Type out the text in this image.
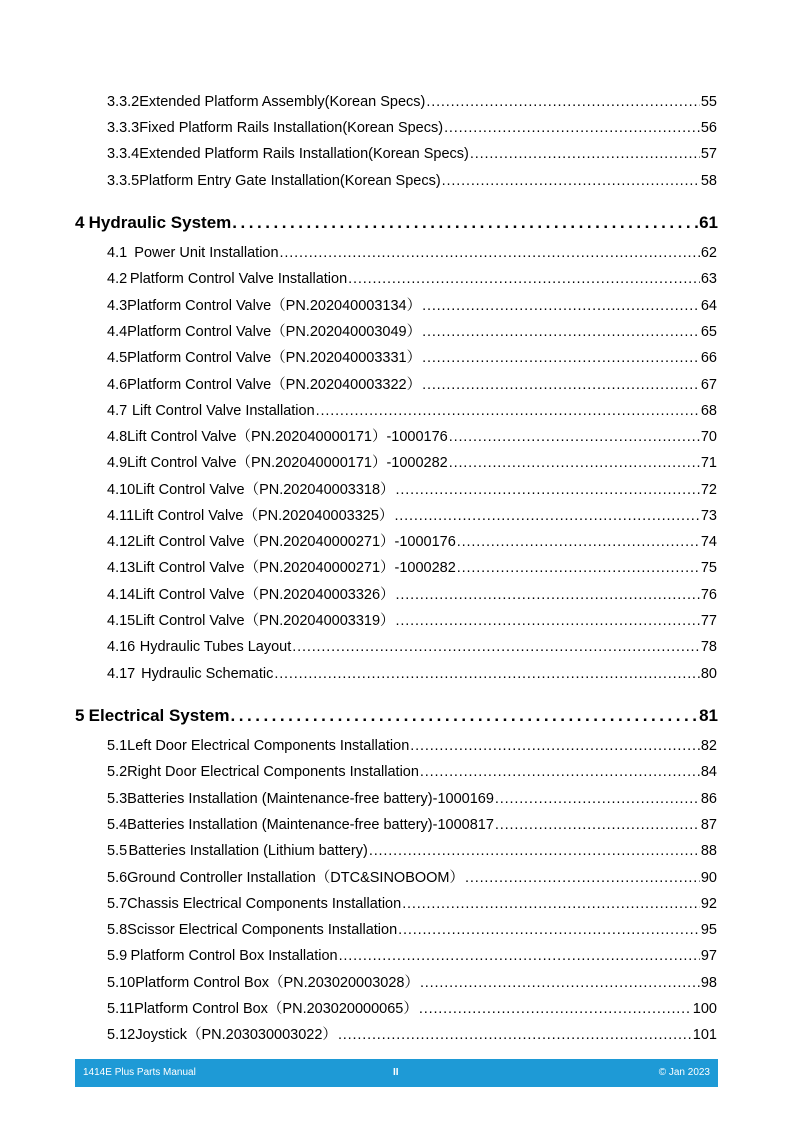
3.3.2 Extended Platform Assembly(Korean Specs) . . .	55
3.3.3 Fixed Platform Rails Installation(Korean Specs) . . .	56
3.3.4 Extended Platform Rails Installation(Korean Specs) . . .	57
3.3.5 Platform Entry Gate Installation(Korean Specs) . . .	58
4 Hydraulic System . . .	61
4.1 Power Unit Installation . . .	62
4.2 Platform Control Valve Installation . . .	63
4.3 Platform Control Valve（PN.202040003134） . . .	64
4.4 Platform Control Valve（PN.202040003049） . . .	65
4.5 Platform Control Valve（PN.202040003331） . . .	66
4.6 Platform Control Valve（PN.202040003322） . . .	67
4.7 Lift Control Valve Installation . . .	68
4.8 Lift Control Valve（PN.202040000171）-1000176 . . .	70
4.9 Lift Control Valve（PN.202040000171）-1000282 . . .	71
4.10 Lift Control Valve（PN.202040003318） . . .	72
4.11 Lift Control Valve（PN.202040003325） . . .	73
4.12 Lift Control Valve（PN.202040000271）-1000176 . . .	74
4.13 Lift Control Valve（PN.202040000271）-1000282 . . .	75
4.14 Lift Control Valve（PN.202040003326） . . .	76
4.15 Lift Control Valve（PN.202040003319） . . .	77
4.16 Hydraulic Tubes Layout . . .	78
4.17 Hydraulic Schematic . . .	80
5 Electrical System . . .	81
5.1 Left Door Electrical Components Installation . . .	82
5.2 Right Door Electrical Components Installation . . .	84
5.3 Batteries Installation (Maintenance-free battery)-1000169 . . .	86
5.4 Batteries Installation (Maintenance-free battery)-1000817 . . .	87
5.5 Batteries Installation (Lithium battery) . . .	88
5.6 Ground Controller Installation（DTC&SINOBOOM） . . .	90
5.7 Chassis Electrical Components Installation . . .	92
5.8 Scissor Electrical Components Installation . . .	95
5.9 Platform Control Box Installation . . .	97
5.10 Platform Control Box（PN.203020003028） . . .	98
5.11 Platform Control Box（PN.203020000065） . . .	100
5.12 Joystick（PN.203030003022） . . .	101
1414E Plus Parts Manual	II	© Jan 2023
